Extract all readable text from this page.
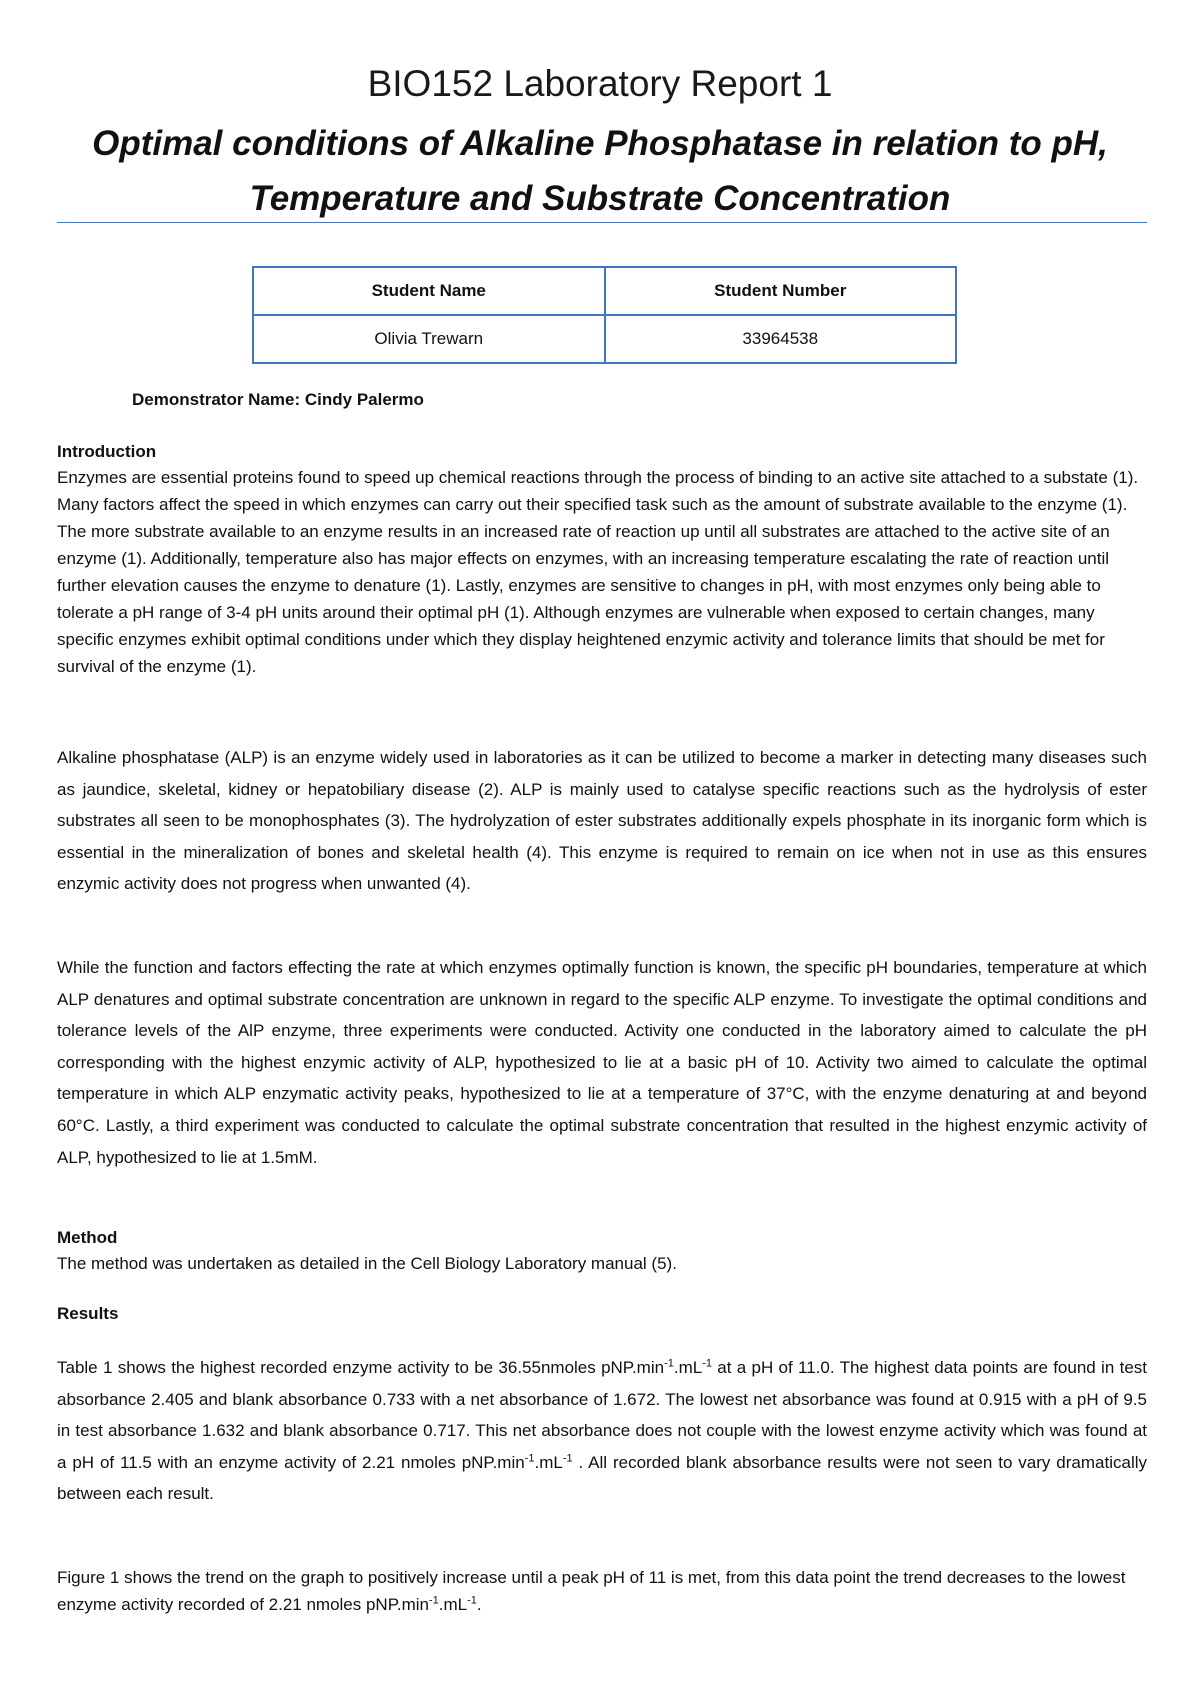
BIO152 Laboratory Report 1
Optimal conditions of Alkaline Phosphatase in relation to pH, Temperature and Substrate Concentration
Student Name	Student Number
Olivia Trewarn	33964538
Demonstrator Name: Cindy Palermo
Introduction

Enzymes are essential proteins found to speed up chemical reactions through the process of binding to an active site attached to a substate (1). Many factors affect the speed in which enzymes can carry out their specified task such as the amount of substrate available to the enzyme (1). The more substrate available to an enzyme results in an increased rate of reaction up until all substrates are attached to the active site of an enzyme (1). Additionally, temperature also has major effects on enzymes, with an increasing temperature escalating the rate of reaction until further elevation causes the enzyme to denature (1). Lastly, enzymes are sensitive to changes in pH, with most enzymes only being able to tolerate a pH range of 3-4 pH units around their optimal pH (1). Although enzymes are vulnerable when exposed to certain changes, many specific enzymes exhibit optimal conditions under which they display heightened enzymic activity and tolerance limits that should be met for survival of the enzyme (1).

Alkaline phosphatase (ALP) is an enzyme widely used in laboratories as it can be utilized to become a marker in detecting many diseases such as jaundice, skeletal, kidney or hepatobiliary disease (2). ALP is mainly used to catalyse specific reactions such as the hydrolysis of ester substrates all seen to be monophosphates (3). The hydrolyzation of ester substrates additionally expels phosphate in its inorganic form which is essential in the mineralization of bones and skeletal health (4). This enzyme is required to remain on ice when not in use as this ensures enzymic activity does not progress when unwanted (4).

While the function and factors effecting the rate at which enzymes optimally function is known, the specific pH boundaries, temperature at which ALP denatures and optimal substrate concentration are unknown in regard to the specific ALP enzyme. To investigate the optimal conditions and tolerance levels of the AlP enzyme, three experiments were conducted. Activity one conducted in the laboratory aimed to calculate the pH corresponding with the highest enzymic activity of ALP, hypothesized to lie at a basic pH of 10. Activity two aimed to calculate the optimal temperature in which ALP enzymatic activity peaks, hypothesized to lie at a temperature of 37°C, with the enzyme denaturing at and beyond 60°C. Lastly, a third experiment was conducted to calculate the optimal substrate concentration that resulted in the highest enzymic activity of ALP, hypothesized to lie at 1.5mM.

Method

The method was undertaken as detailed in the Cell Biology Laboratory manual (5).

Results

Table 1 shows the highest recorded enzyme activity to be 36.55nmoles $pNP.\min^{-1}.mL^{-1}$ at a pH of 11.0. The highest data points are found in test absorbance 2.405 and blank absorbance 0.733 with a net absorbance of 1.672. The lowest net absorbance was found at 0.915 with a pH of 9.5 in test absorbance 1.632 and blank absorbance 0.717. This net absorbance does not couple with the lowest enzyme activity which was found at a pH of 11.5 with an enzyme activity of 2.21 nmoles $pNP.\min^{-1}.mL^{-1}$ . All recorded blank absorbance results were not seen to vary dramatically between each result.

Figure 1 shows the trend on the graph to positively increase until a peak pH of 11 is met, from this data point the trend decreases to the lowest enzyme activity recorded of 2.21 nmoles $pNP.\min^{-1}.mL^{-1}$.
